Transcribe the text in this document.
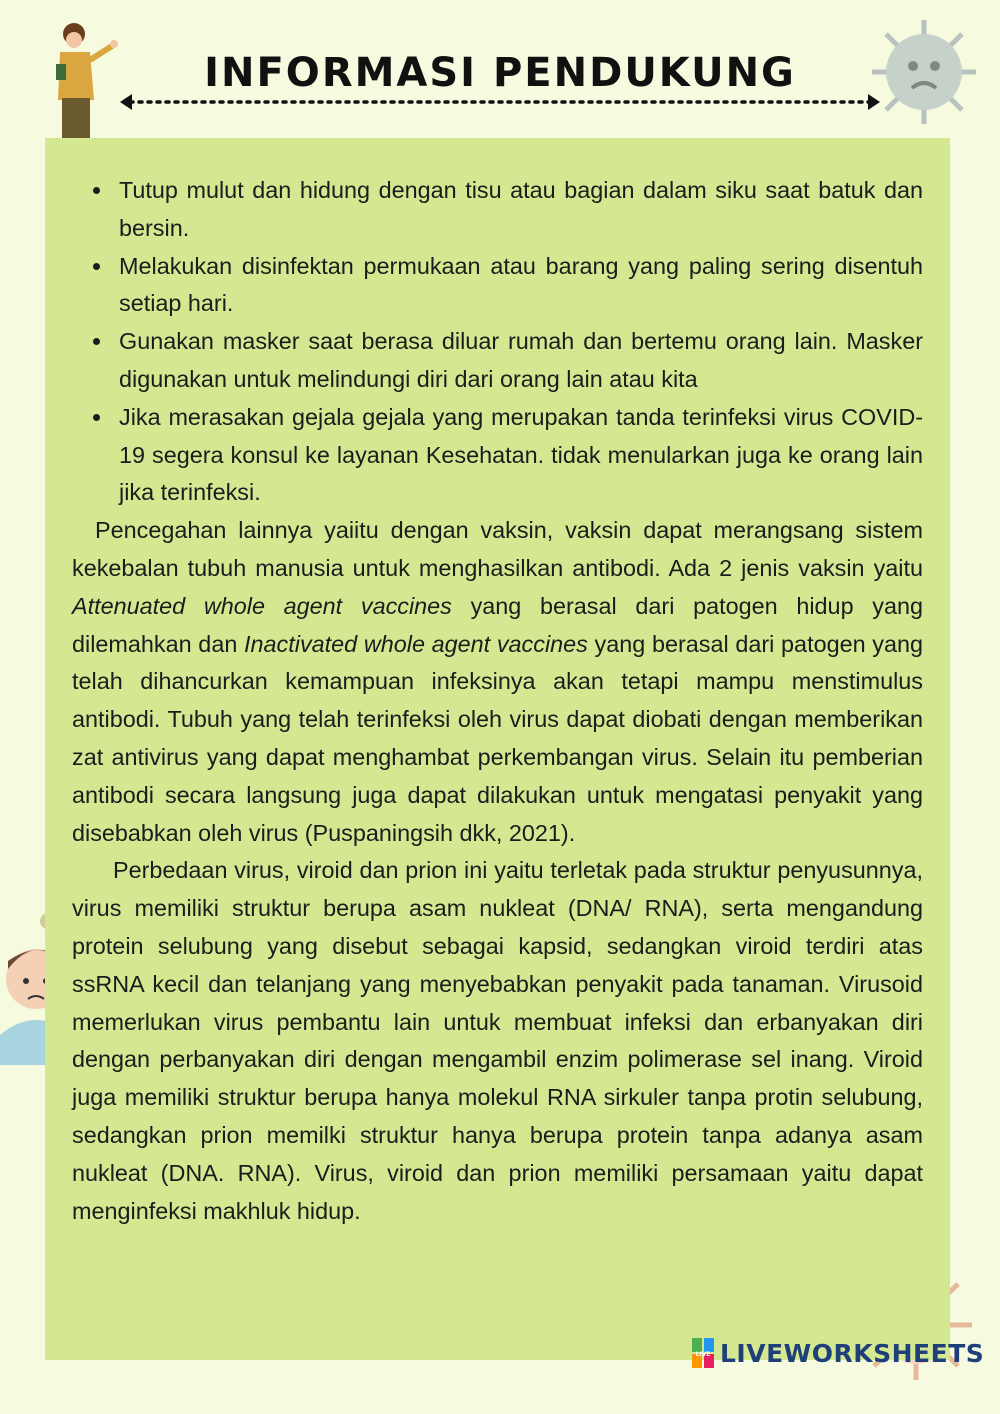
INFORMASI PENDUKUNG
Tutup mulut dan hidung dengan tisu atau bagian dalam siku saat batuk dan bersin.
Melakukan disinfektan permukaan atau barang yang paling sering disentuh setiap hari.
Gunakan masker saat berasa diluar rumah dan bertemu orang lain. Masker digunakan untuk melindungi diri dari orang lain atau kita
Jika merasakan gejala gejala yang merupakan tanda terinfeksi virus COVID-19 segera konsul ke layanan Kesehatan. tidak menularkan juga ke orang lain jika terinfeksi.

Pencegahan lainnya yaiitu dengan vaksin, vaksin dapat merangsang sistem kekebalan tubuh manusia untuk menghasilkan antibodi. Ada 2 jenis vaksin yaitu Attenuated whole agent vaccines yang berasal dari patogen hidup yang dilemahkan dan Inactivated whole agent vaccines yang berasal dari patogen yang telah dihancurkan kemampuan infeksinya akan tetapi mampu menstimulus antibodi. Tubuh yang telah terinfeksi oleh virus dapat diobati dengan memberikan zat antivirus yang dapat menghambat perkembangan virus. Selain itu pemberian antibodi secara langsung juga dapat dilakukan untuk mengatasi penyakit yang disebabkan oleh virus (Puspaningsih dkk, 2021).

Perbedaan virus, viroid dan prion ini yaitu terletak pada struktur penyusunnya, virus memiliki struktur berupa asam nukleat (DNA/ RNA), serta mengandung protein selubung yang disebut sebagai kapsid, sedangkan viroid terdiri atas ssRNA kecil dan telanjang yang menyebabkan penyakit pada tanaman. Virusoid memerlukan virus pembantu lain untuk membuat infeksi dan erbanyakan diri dengan perbanyakan diri dengan mengambil enzim polimerase sel inang. Viroid juga memiliki struktur berupa hanya molekul RNA sirkuler tanpa protin selubung, sedangkan prion memilki struktur hanya berupa protein tanpa adanya asam nukleat (DNA. RNA). Virus, viroid dan prion memiliki persamaan yaitu dapat menginfeksi makhluk hidup.

LIVE LIVEWORKSHEETS
